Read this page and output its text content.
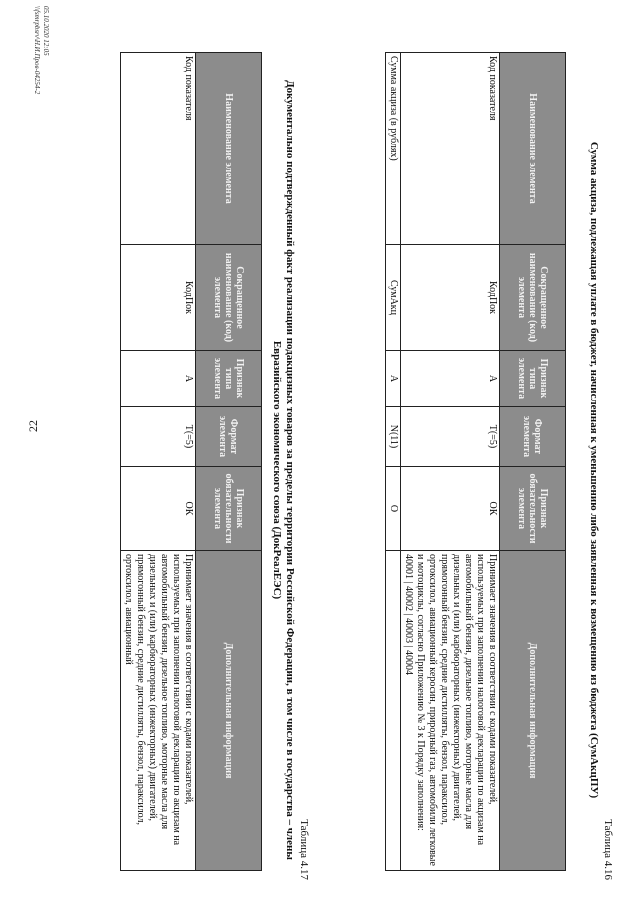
22
Таблица 4.16
Сумма акциза, подлежащая уплате в бюджет, начисленная к уменьшению либо заявленная к возмещению из бюджета (СумАкцПУ)
Наименование элемента	Сокращенное наименование (код) элемента	Признак типа элемента	Формат элемента	Признак обязательности элемента	Дополнительная информация
Код показателя	КодПок	А	Т(=5)	ОК	Принимает значения в соответствии с кодами показателей, используемых при заполнении налоговой декларации по акцизам на автомобильный бензин, дизельное топливо, моторные масла для дизельных и (или) карбюраторных (инжекторных) двигателей, прямогонный бензин, средние дистилляты, бензол, параксилол, ортоксилол, авиационный керосин, природный газ, автомобили легковые и мотоциклы, согласно Приложению № 3 к Порядку заполнения:
40001 | 40002 | 40003 | 40004

Сумма акциза (в рублях)	СумАкц	А	N(11)	О	
Таблица 4.17
Документально подтвержденный факт реализации подакцизных товаров за пределы территории Российской Федерации, в том числе в государства – члены Евразийского экономического союза (ДокРеалЕЭС)
Наименование элемента	Сокращенное наименование (код) элемента	Признак типа элемента	Формат элемента	Признак обязательности элемента	Дополнительная информация
Код показателя	КодПок	А	Т(=5)	ОК	Принимает значения в соответствии с кодами показателей, используемых при заполнении налоговой декларации по акцизам на автомобильный бензин, дизельное топливо, моторные масла для дизельных и (или) карбюраторных (инжекторных) двигателей, прямогонный бензин, средние дистилляты, бензол, параксилол, ортоксилол, авиационный
05.10.2020 12:05
\\fsmrpbsrv\Н.И.Пров-04254-2
